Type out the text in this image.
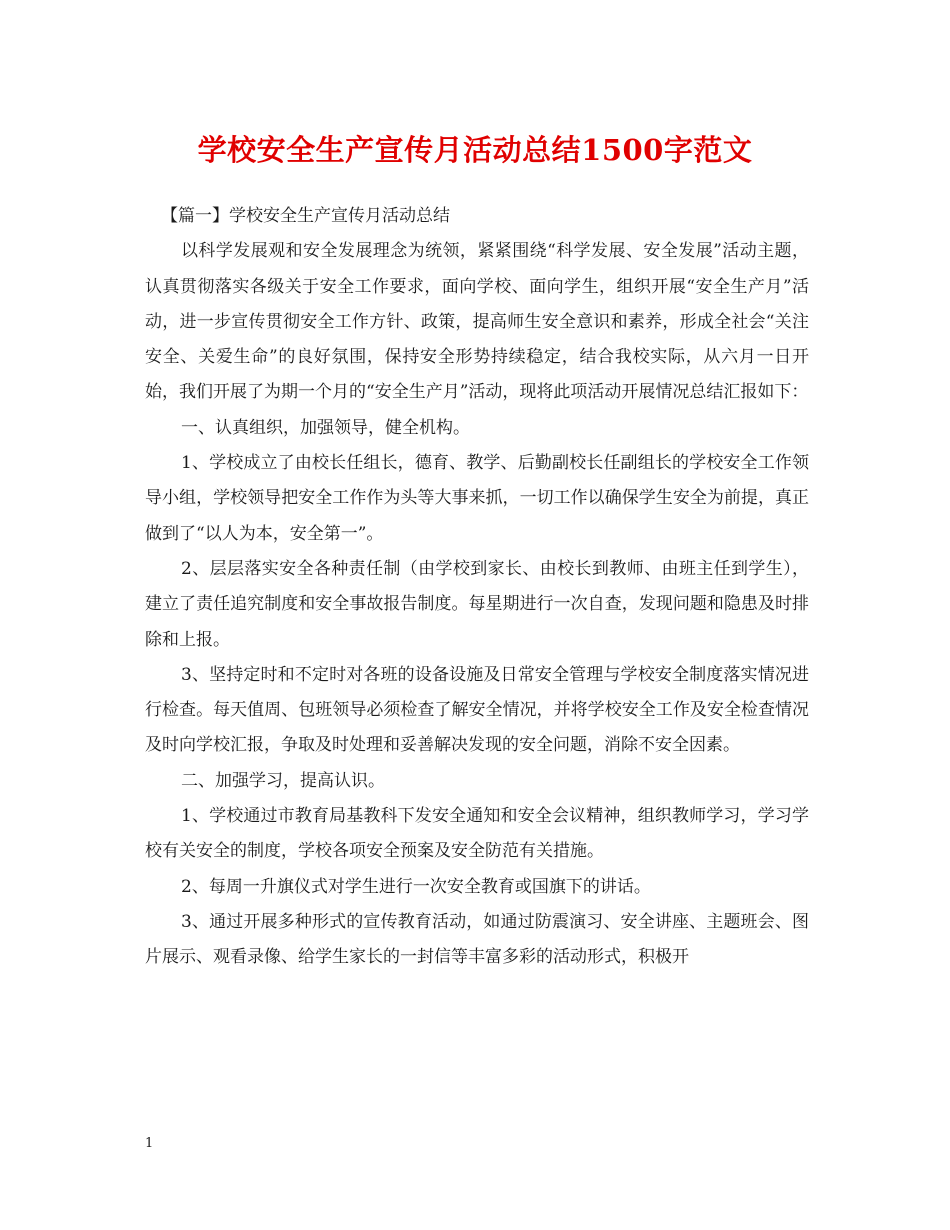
学校安全生产宣传月活动总结1500字范文

【篇一】学校安全生产宣传月活动总结

以科学发展观和安全发展理念为统领，紧紧围绕“科学发展、安全发展”活动主题，认真贯彻落实各级关于安全工作要求，面向学校、面向学生，组织开展“安全生产月”活动，进一步宣传贯彻安全工作方针、政策，提高师生安全意识和素养，形成全社会“关注安全、关爱生命”的良好氛围，保持安全形势持续稳定，结合我校实际，从六月一日开始，我们开展了为期一个月的“安全生产月”活动，现将此项活动开展情况总结汇报如下：

一、认真组织，加强领导，健全机构。

1、学校成立了由校长任组长，德育、教学、后勤副校长任副组长的学校安全工作领导小组，学校领导把安全工作作为头等大事来抓，一切工作以确保学生安全为前提，真正做到了“以人为本，安全第一”。

2、层层落实安全各种责任制（由学校到家长、由校长到教师、由班主任到学生），建立了责任追究制度和安全事故报告制度。每星期进行一次自查，发现问题和隐患及时排除和上报。

3、坚持定时和不定时对各班的设备设施及日常安全管理与学校安全制度落实情况进行检查。每天值周、包班领导必须检查了解安全情况，并将学校安全工作及安全检查情况及时向学校汇报，争取及时处理和妥善解决发现的安全问题，消除不安全因素。

二、加强学习，提高认识。

1、学校通过市教育局基教科下发安全通知和安全会议精神，组织教师学习，学习学校有关安全的制度，学校各项安全预案及安全防范有关措施。

2、每周一升旗仪式对学生进行一次安全教育或国旗下的讲话。

3、通过开展多种形式的宣传教育活动，如通过防震演习、安全讲座、主题班会、图片展示、观看录像、给学生家长的一封信等丰富多彩的活动形式，积极开

1
